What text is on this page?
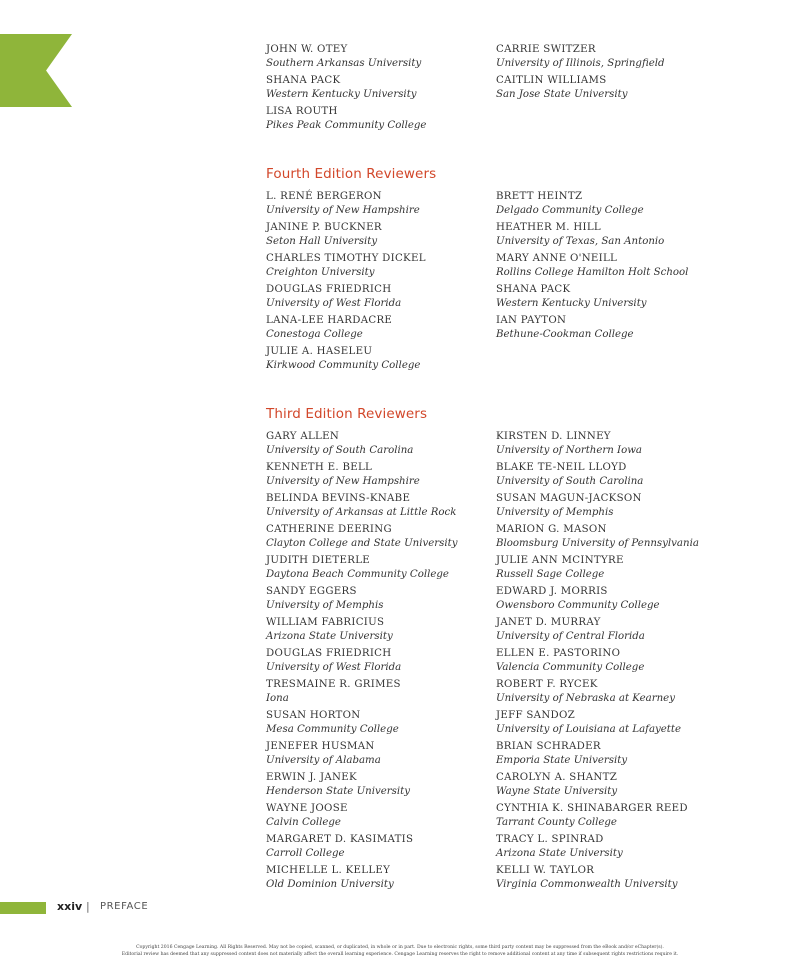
JOHN W. OTEY
Southern Arkansas University
SHANA PACK
Western Kentucky University
LISA ROUTH
Pikes Peak Community College
CARRIE SWITZER
University of Illinois, Springfield
CAITLIN WILLIAMS
San Jose State University
Fourth Edition Reviewers
L. RENÉ BERGERON
University of New Hampshire
JANINE P. BUCKNER
Seton Hall University
CHARLES TIMOTHY DICKEL
Creighton University
DOUGLAS FRIEDRICH
University of West Florida
LANA-LEE HARDACRE
Conestoga College
JULIE A. HASELEU
Kirkwood Community College
BRETT HEINTZ
Delgado Community College
HEATHER M. HILL
University of Texas, San Antonio
MARY ANNE O'NEILL
Rollins College Hamilton Holt School
SHANA PACK
Western Kentucky University
IAN PAYTON
Bethune-Cookman College
Third Edition Reviewers
GARY ALLEN
University of South Carolina
KENNETH E. BELL
University of New Hampshire
BELINDA BEVINS-KNABE
University of Arkansas at Little Rock
CATHERINE DEERING
Clayton College and State University
JUDITH DIETERLE
Daytona Beach Community College
SANDY EGGERS
University of Memphis
WILLIAM FABRICIUS
Arizona State University
DOUGLAS FRIEDRICH
University of West Florida
TRESMAINE R. GRIMES
Iona
SUSAN HORTON
Mesa Community College
JENEFER HUSMAN
University of Alabama
ERWIN J. JANEK
Henderson State University
WAYNE JOOSE
Calvin College
MARGARET D. KASIMATIS
Carroll College
MICHELLE L. KELLEY
Old Dominion University
KIRSTEN D. LINNEY
University of Northern Iowa
BLAKE TE-NEIL LLOYD
University of South Carolina
SUSAN MAGUN-JACKSON
University of Memphis
MARION G. MASON
Bloomsburg University of Pennsylvania
JULIE ANN MCINTYRE
Russell Sage College
EDWARD J. MORRIS
Owensboro Community College
JANET D. MURRAY
University of Central Florida
ELLEN E. PASTORINO
Valencia Community College
ROBERT F. RYCEK
University of Nebraska at Kearney
JEFF SANDOZ
University of Louisiana at Lafayette
BRIAN SCHRADER
Emporia State University
CAROLYN A. SHANTZ
Wayne State University
CYNTHIA K. SHINABARGER REED
Tarrant County College
TRACY L. SPINRAD
Arizona State University
KELLI W. TAYLOR
Virginia Commonwealth University
xxiv | PREFACE
Copyright 2016 Cengage Learning. All Rights Reserved. May not be copied, scanned, or duplicated, in whole or in part. Due to electronic rights, some third party content may be suppressed from the eBook and/or eChapter(s).
Editorial review has deemed that any suppressed content does not materially affect the overall learning experience. Cengage Learning reserves the right to remove additional content at any time if subsequent rights restrictions require it.
